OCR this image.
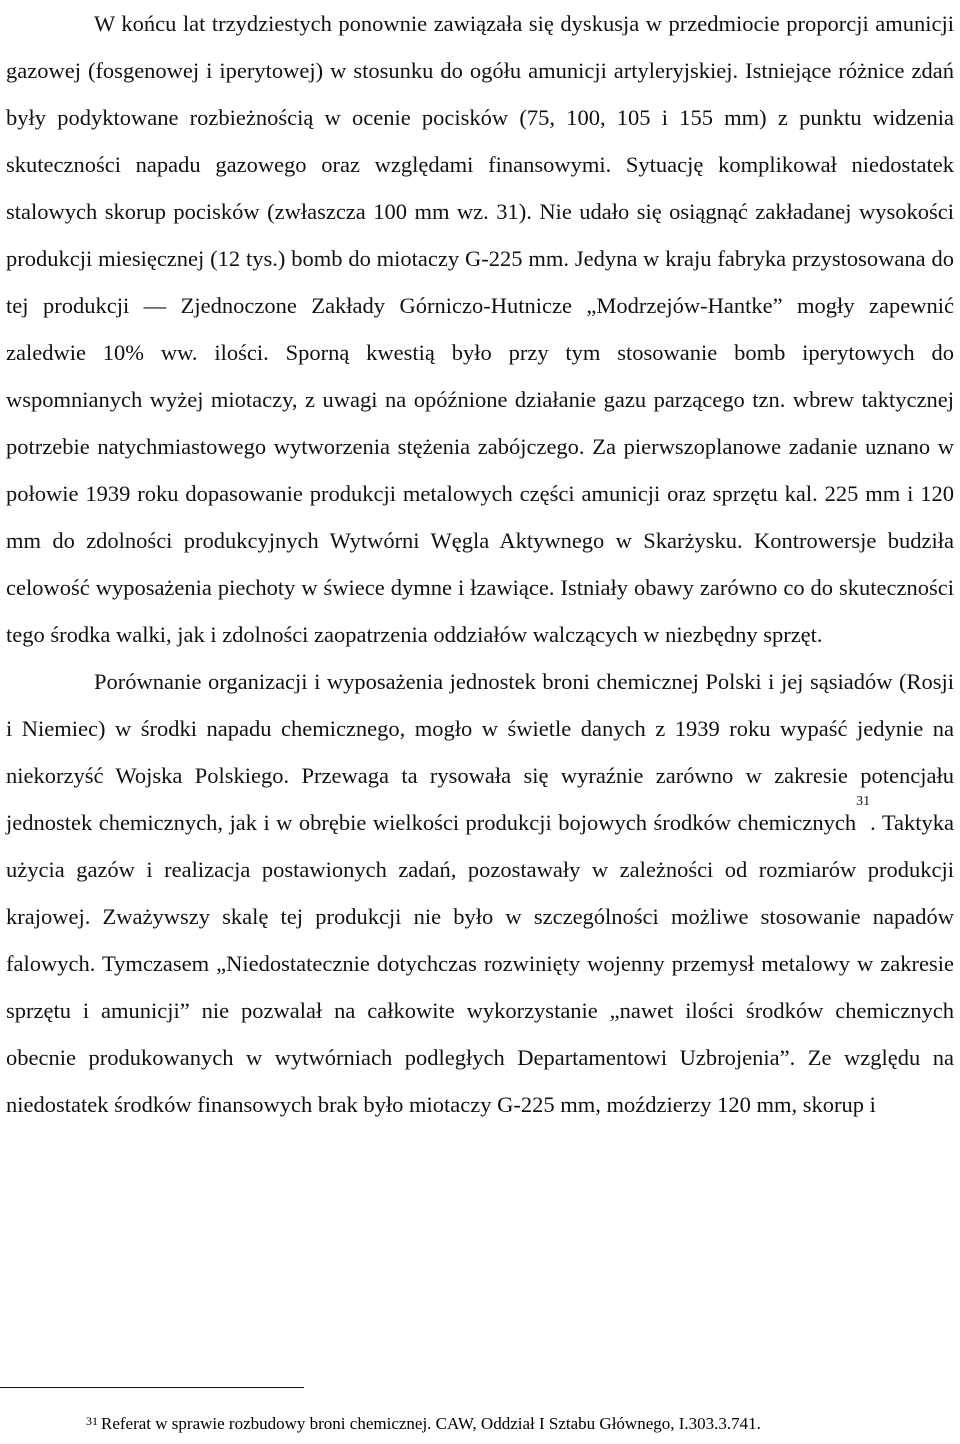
W końcu lat trzydziestych ponownie zawiązała się dyskusja w przedmiocie proporcji amunicji gazowej (fosgenowej i iperytowej) w stosunku do ogółu amunicji artyleryjskiej. Istniejące różnice zdań były podyktowane rozbieżnością w ocenie pocisków (75, 100, 105 i 155 mm) z punktu widzenia skuteczności napadu gazowego oraz względami finansowymi. Sytuację komplikował niedostatek stalowych skorup pocisków (zwłaszcza 100 mm wz. 31). Nie udało się osiągnąć zakładanej wysokości produkcji miesięcznej (12 tys.) bomb do miotaczy G-225 mm. Jedyna w kraju fabryka przystosowana do tej produkcji — Zjednoczone Zakłady Górniczo-Hutnicze „Modrzejów-Hantke” mogły zapewnić zaledwie 10% ww. ilości. Sporną kwestią było przy tym stosowanie bomb iperytowych do wspomnianych wyżej miotaczy, z uwagi na opóźnione działanie gazu parzącego tzn. wbrew taktycznej potrzebie natychmiastowego wytworzenia stężenia zabójczego. Za pierwszoplanowe zadanie uznano w połowie 1939 roku dopasowanie produkcji metalowych części amunicji oraz sprzętu kal. 225 mm i 120 mm do zdolności produkcyjnych Wytwórni Węgla Aktywnego w Skarżysku. Kontrowersje budziła celowość wyposażenia piechoty w świece dymne i łzawiące. Istniały obawy zarówno co do skuteczności tego środka walki, jak i zdolności zaopatrzenia oddziałów walczących w niezbędny sprzęt.

Porównanie organizacji i wyposażenia jednostek broni chemicznej Polski i jej sąsiadów (Rosji i Niemiec) w środki napadu chemicznego, mogło w świetle danych z 1939 roku wypaść jedynie na niekorzyść Wojska Polskiego. Przewaga ta rysowała się wyraźnie zarówno w zakresie potencjału jednostek chemicznych, jak i w obrębie wielkości produkcji bojowych środków chemicznych$^{31}$. Taktyka użycia gazów i realizacja postawionych zadań, pozostawały w zależności od rozmiarów produkcji krajowej. Zważywszy skalę tej produkcji nie było w szczególności możliwe stosowanie napadów falowych. Tymczasem „Niedostatecznie dotychczas rozwinięty wojenny przemysł metalowy w zakresie sprzętu i amunicji” nie pozwalał na całkowite wykorzystanie „nawet ilości środków chemicznych obecnie produkowanych w wytwórniach podległych Departamentowi Uzbrojenia”. Ze względu na niedostatek środków finansowych brak było miotaczy G-225 mm, moździerzy 120 mm, skorup i

$^{31}$ Referat w sprawie rozbudowy broni chemicznej. CAW, Oddział I Sztabu Głównego, I.303.3.741.
